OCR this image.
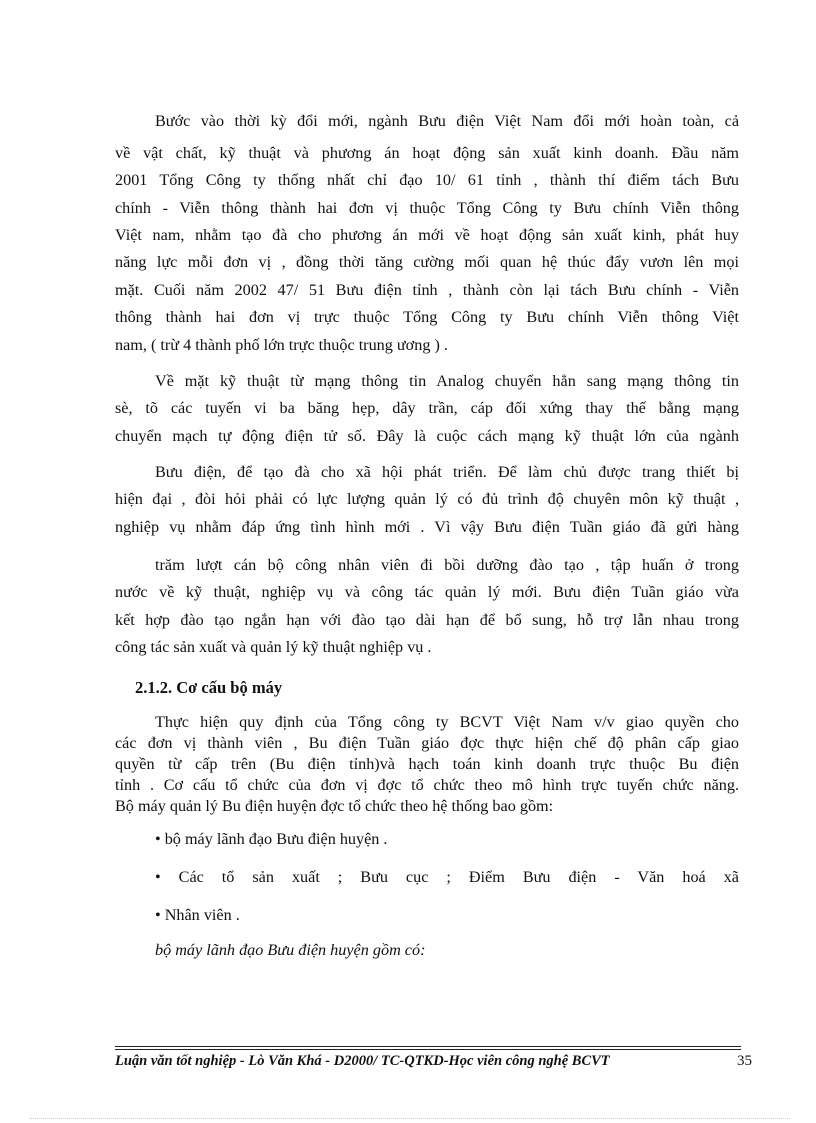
Bước vào thời kỳ đổi mới, ngành Bưu điện Việt Nam đổi mới hoàn toàn, cả
về vật chất, kỹ thuật và phương án hoạt động sản xuất kinh doanh. Đầu năm
2001 Tổng Công ty thống nhất chỉ đạo 10/ 61 tỉnh , thành thí điểm tách Bưu
chính - Viễn thông thành hai đơn vị thuộc Tổng Công ty Bưu chính Viễn thông
Việt nam, nhằm tạo đà cho phương án mới về hoạt động sản xuất kinh, phát huy
năng lực mỗi đơn vị , đồng thời tăng cường mối quan hệ thúc đẩy vươn lên mọi
mặt. Cuối năm 2002 47/ 51 Bưu điện tỉnh , thành còn lại tách Bưu chính - Viễn
thông thành hai đơn vị trực thuộc Tổng Công ty Bưu chính Viễn thông Việt
nam, ( trừ 4 thành phố lớn trực thuộc trung ương ) .
Về mặt kỹ thuật từ mạng thông tin Analog chuyển hẳn sang mạng thông tin
sè, tõ các tuyến vi ba băng hẹp, dây trần, cáp đối xứng thay thế bằng mạng
chuyển mạch tự động điện tử số. Đây là cuộc cách mạng kỹ thuật lớn của ngành
Bưu điện, để tạo đà cho xã hội phát triển. Để làm chủ được trang thiết bị
hiện đại , đòi hỏi phải có lực lượng quản lý có đủ trình độ chuyên môn kỹ thuật ,
nghiệp vụ nhằm đáp ứng tình hình mới . Vì vậy Bưu điện Tuần giáo đã gửi hàng
trăm lượt cán bộ công nhân viên đi bồi dưỡng đào tạo , tập huấn ở trong
nước về kỹ thuật, nghiệp vụ và công tác quản lý mới. Bưu điện Tuần giáo vừa
kết hợp đào tạo ngắn hạn với đào tạo dài hạn để bổ sung, hỗ trợ lẫn nhau trong
công tác sản xuất và quản lý kỹ thuật nghiệp vụ .
2.1.2. Cơ cấu bộ máy
Thực hiện quy định của Tổng công ty BCVT Việt Nam v/v giao quyền cho
các đơn vị thành viên , Bu điện Tuần giáo đợc thực hiện chế độ phân cấp giao
quyền từ cấp trên (Bu điện tỉnh)và hạch toán kinh doanh trực thuộc Bu điện
tỉnh . Cơ cấu tổ chức của đơn vị đợc tổ chức theo mô hình trực tuyến chức năng.
Bộ máy quản lý Bu điện huyện đợc tổ chức theo hệ thống bao gồm:
• bộ máy lãnh đạo Bưu điện huyện .
• Các tổ sản xuất ; Bưu cục ; Điểm Bưu điện - Văn hoá xã
• Nhân viên .
bộ máy lãnh đạo Bưu điện huyện gồm có:
Luận văn tốt nghiệp - Lò Văn Khá - D2000/ TC-QTKD-Học viên công nghệ BCVT	35
